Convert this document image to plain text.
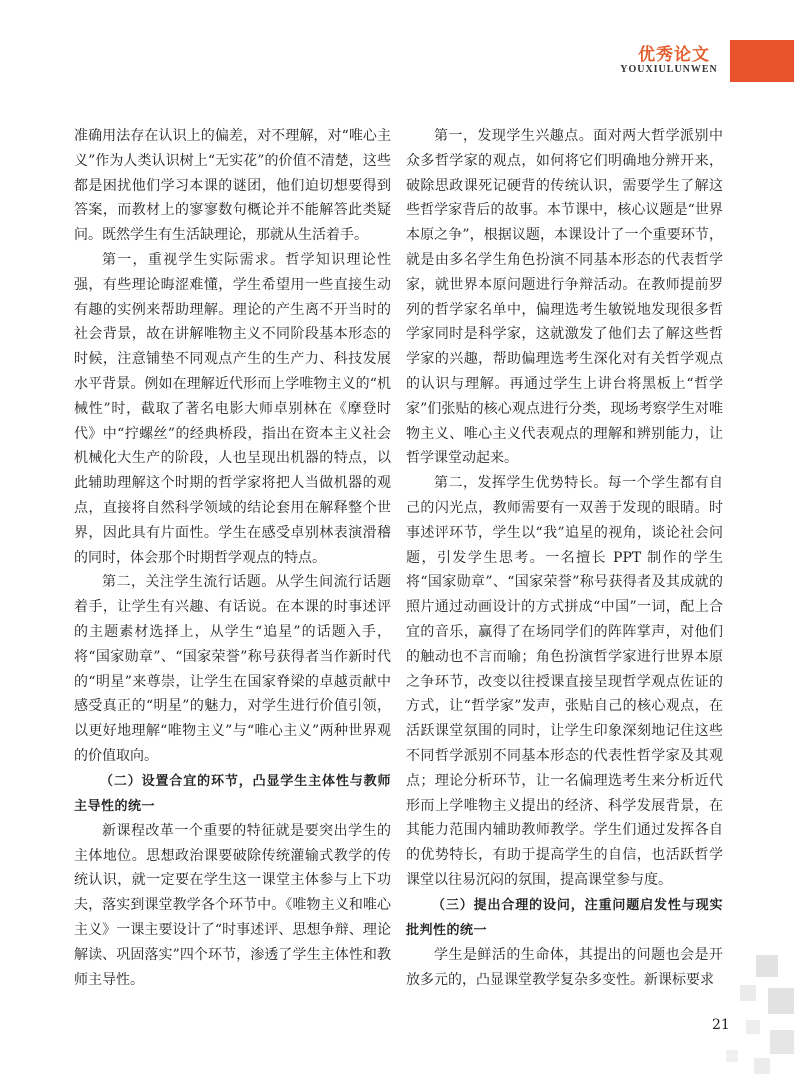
优秀论文
YOUXIULUNWEN

准确用法存在认识上的偏差，对不理解，对“唯心主义”作为人类认识树上“无实花”的价值不清楚，这些都是困扰他们学习本课的谜团，他们迫切想要得到答案，而教材上的寥寥数句概论并不能解答此类疑问。既然学生有生活缺理论，那就从生活着手。

第一，重视学生实际需求。哲学知识理论性强，有些理论晦涩难懂，学生希望用一些直接生动有趣的实例来帮助理解。理论的产生离不开当时的社会背景，故在讲解唯物主义不同阶段基本形态的时候，注意铺垫不同观点产生的生产力、科技发展水平背景。例如在理解近代形而上学唯物主义的“机械性”时，截取了著名电影大师卓别林在《摩登时代》中“拧螺丝”的经典桥段，指出在资本主义社会机械化大生产的阶段，人也呈现出机器的特点，以此辅助理解这个时期的哲学家将把人当做机器的观点，直接将自然科学领域的结论套用在解释整个世界，因此具有片面性。学生在感受卓别林表演滑稽的同时，体会那个时期哲学观点的特点。

第二，关注学生流行话题。从学生间流行话题着手，让学生有兴趣、有话说。在本课的时事述评的主题素材选择上，从学生“追星”的话题入手，将“国家勋章”、“国家荣誉”称号获得者当作新时代的“明星”来尊崇，让学生在国家脊梁的卓越贡献中感受真正的“明星”的魅力，对学生进行价值引领，以更好地理解“唯物主义”与“唯心主义”两种世界观的价值取向。

（二）设置合宜的环节，凸显学生主体性与教师主导性的统一

新课程改革一个重要的特征就是要突出学生的主体地位。思想政治课要破除传统灌输式教学的传统认识，就一定要在学生这一课堂主体参与上下功夫，落实到课堂教学各个环节中。《唯物主义和唯心主义》一课主要设计了“时事述评、思想争辩、理论解读、巩固落实”四个环节，渗透了学生主体性和教师主导性。

第一，发现学生兴趣点。面对两大哲学派别中众多哲学家的观点，如何将它们明确地分辨开来，破除思政课死记硬背的传统认识，需要学生了解这些哲学家背后的故事。本节课中，核心议题是“世界本原之争”，根据议题，本课设计了一个重要环节，就是由多名学生角色扮演不同基本形态的代表哲学家，就世界本原问题进行争辩活动。在教师提前罗列的哲学家名单中，偏理选考生敏锐地发现很多哲学家同时是科学家，这就激发了他们去了解这些哲学家的兴趣，帮助偏理选考生深化对有关哲学观点的认识与理解。再通过学生上讲台将黑板上“哲学家”们张贴的核心观点进行分类，现场考察学生对唯物主义、唯心主义代表观点的理解和辨别能力，让哲学课堂动起来。

第二，发挥学生优势特长。每一个学生都有自己的闪光点，教师需要有一双善于发现的眼睛。时事述评环节，学生以“我”追星的视角，谈论社会问题，引发学生思考。一名擅长 PPT 制作的学生将“国家勋章”、“国家荣誉”称号获得者及其成就的照片通过动画设计的方式拼成“中国”一词，配上合宜的音乐，赢得了在场同学们的阵阵掌声，对他们的触动也不言而喻；角色扮演哲学家进行世界本原之争环节，改变以往授课直接呈现哲学观点佐证的方式，让“哲学家”发声，张贴自己的核心观点，在活跃课堂氛围的同时，让学生印象深刻地记住这些不同哲学派别不同基本形态的代表性哲学家及其观点；理论分析环节，让一名偏理选考生来分析近代形而上学唯物主义提出的经济、科学发展背景，在其能力范围内辅助教师教学。学生们通过发挥各自的优势特长，有助于提高学生的自信，也活跃哲学课堂以往易沉闷的氛围，提高课堂参与度。

（三）提出合理的设问，注重问题启发性与现实批判性的统一

学生是鲜活的生命体，其提出的问题也会是开放多元的，凸显课堂教学复杂多变性。新课标要求

21
